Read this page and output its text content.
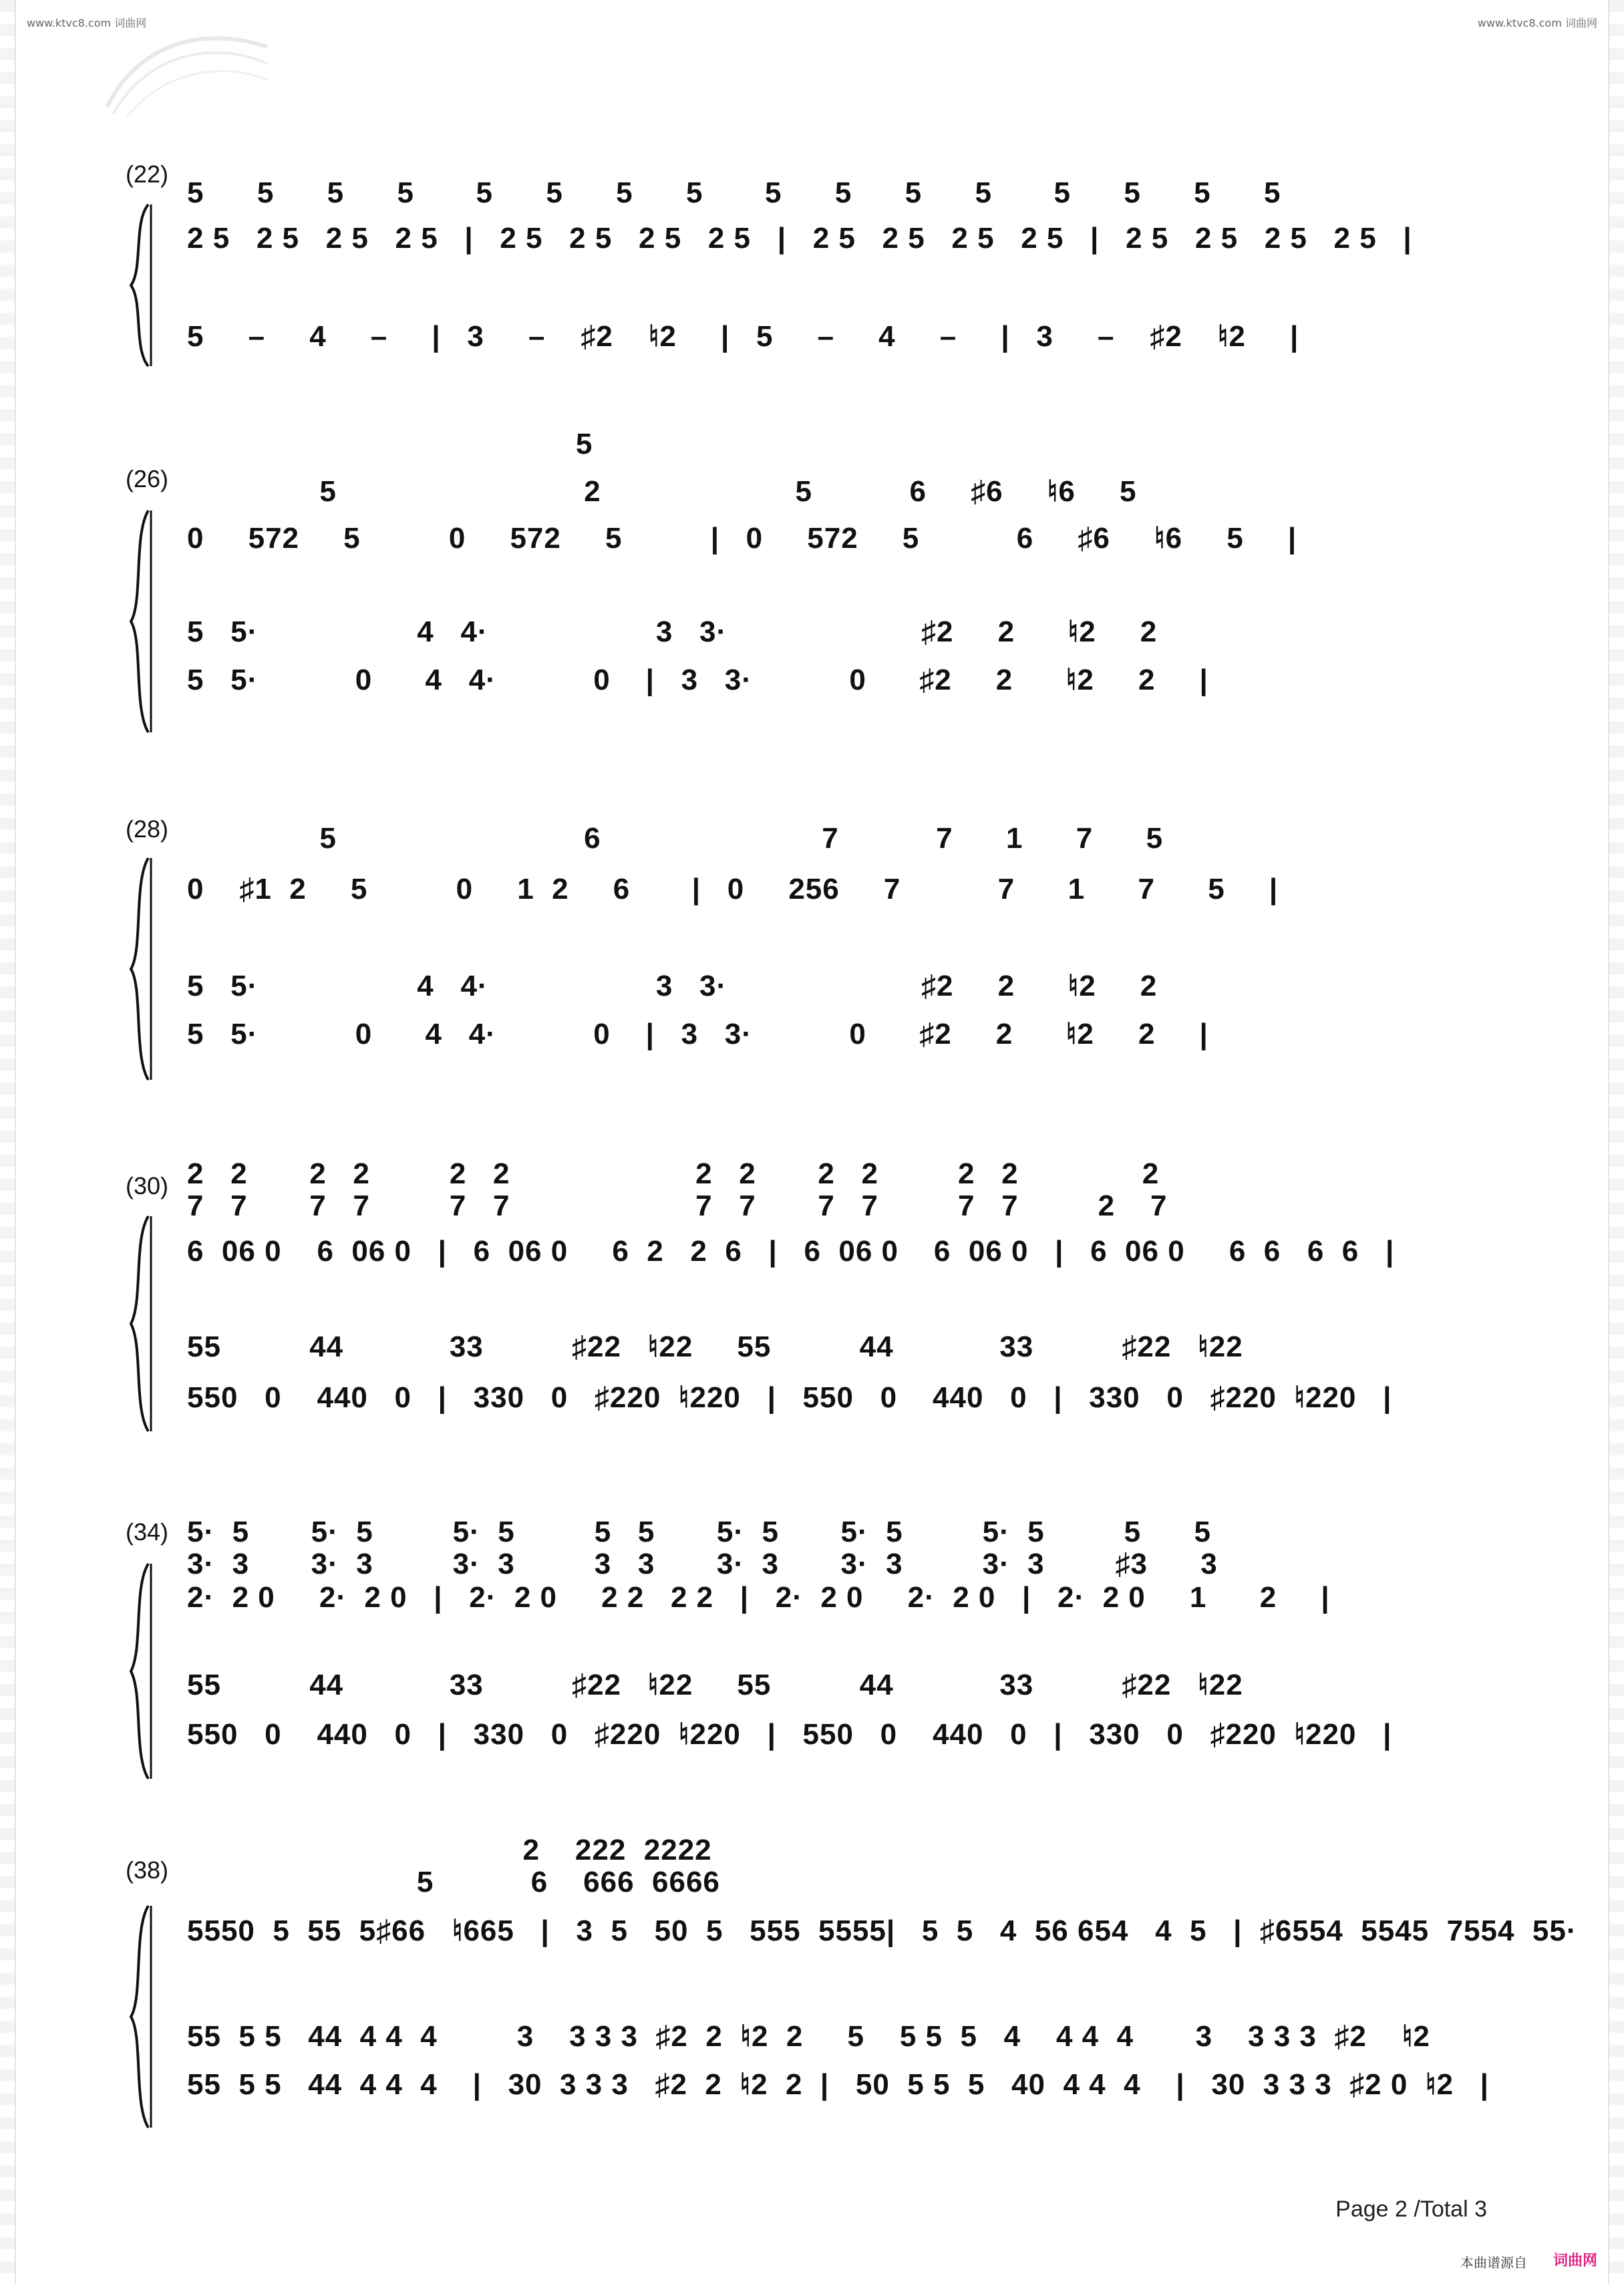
www.ktvc8.com 词曲网	www.ktvc8.com 词曲网
(22)
5      5      5      5       5      5      5      5       5      5      5      5       5      5      5      5
2 5   2 5   2 5   2 5   |   2 5   2 5   2 5   2 5   |   2 5   2 5   2 5   2 5   |   2 5   2 5   2 5   2 5   |
5     –     4     –     |   3     –    ♯2    ♮2     |   5     –     4     –     |   3     –    ♯2    ♮2     |
(26)
5
5                            2                      5           6     ♯6     ♮6     5
0     572     5          0     572     5          |   0     572     5           6     ♯6     ♮6     5     |
5   5·                  4   4·                   3   3·                      ♯2     2      ♮2     2
5   5·           0      4   4·           0    |   3   3·           0      ♯2     2      ♮2     2     |
(28) 5                            6                         7           7      1      7      5
0    ♯1  2     5          0     1  2     6       |   0     256     7           7      1      7      5     |
5   5·                  4   4·                   3   3·                      ♯2     2      ♮2     2
5   5·           0      4   4·           0    |   3   3·           0      ♯2     2      ♮2     2     |
(30) 2   2       2   2         2   2                     2   2       2   2         2   2              2
7   7       7   7         7   7                     7   7       7   7         7   7         2    7
6  06 0    6  06 0   |   6  06 0     6  2   2  6   |   6  06 0    6  06 0   |   6  06 0     6  6   6  6   |
55          44            33          ♯22   ♮22     55          44            33          ♯22   ♮22
550   0    440   0   |   330   0   ♯220  ♮220   |   550   0    440   0   |   330   0   ♯220  ♮220   |
(34) 5·  5       5·  5         5·  5         5   5       5·  5       5·  5         5·  5         5      5
3·  3       3·  3         3·  3         3   3       3·  3       3·  3         3·  3        ♯3      3
2·  2 0     2·  2 0   |   2·  2 0     2 2   2 2   |   2·  2 0     2·  2 0   |   2·  2 0     1      2     |
55          44            33          ♯22   ♮22     55          44            33          ♯22   ♮22
550   0    440   0   |   330   0   ♯220  ♮220   |   550   0    440   0   |   330   0   ♯220  ♮220   |
(38)
2    222  2222
5           6    666  6666
5550  5  55  5♯66   ♮665   |   3  5   50  5   555  5555|   5  5   4  56 654   4  5   |  ♯6554  5545  7554  55·
55  5 5   44  4 4  4         3    3 3 3  ♯2  2  ♮2  2     5    5 5  5   4    4 4  4       3    3 3 3  ♯2    ♮2
55  5 5   44  4 4  4    |   30  3 3 3   ♯2  2  ♮2  2  |   50  5 5  5   40  4 4  4    |   30  3 3 3  ♯2 0  ♮2   |
Page 2 /Total 3
本曲谱源自 词曲网
